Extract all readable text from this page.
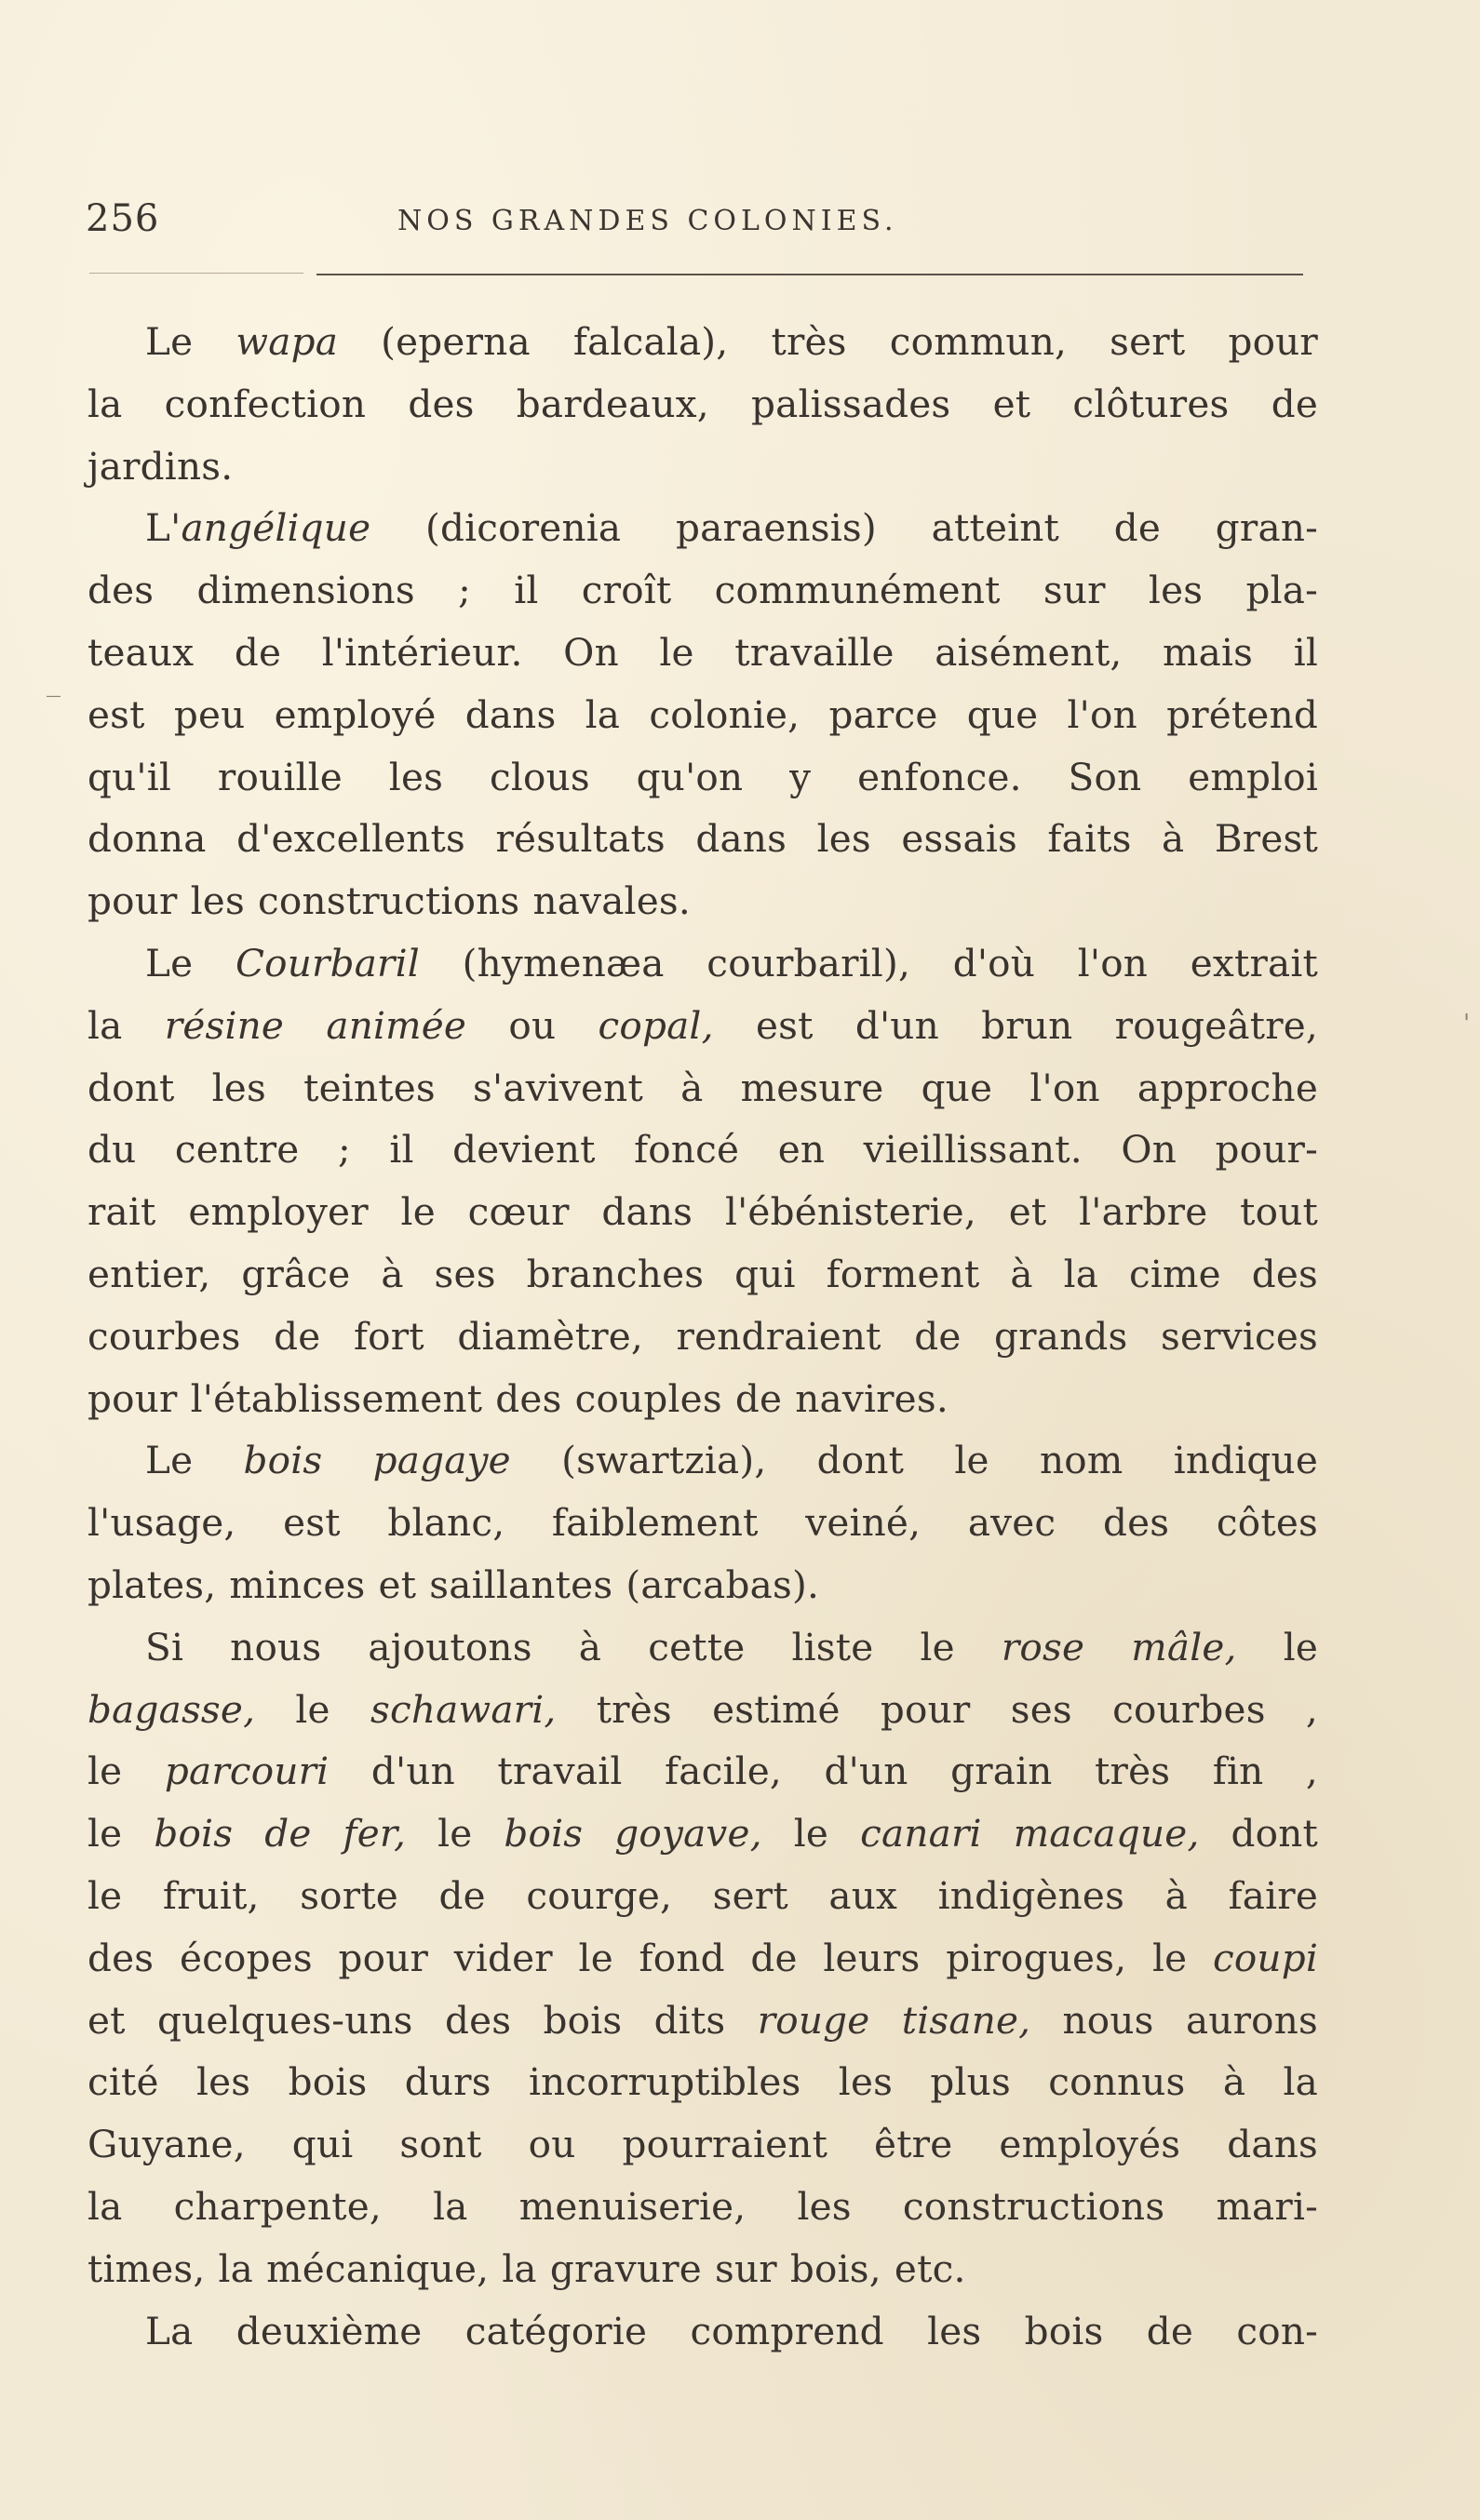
256	NOS GRANDES COLONIES.
Le wapa (eperna falcala), très commun, sert pour
la confection des bardeaux, palissades et clôtures de
jardins.
L'angélique (dicorenia paraensis) atteint de gran-
des dimensions ; il croît communément sur les pla-
teaux de l'intérieur. On le travaille aisément, mais il
est peu employé dans la colonie, parce que l'on prétend
qu'il rouille les clous qu'on y enfonce. Son emploi
donna d'excellents résultats dans les essais faits à Brest
pour les constructions navales.
Le Courbaril (hymenæa courbaril), d'où l'on extrait
la résine animée ou copal, est d'un brun rougeâtre,
dont les teintes s'avivent à mesure que l'on approche
du centre ; il devient foncé en vieillissant. On pour-
rait employer le cœur dans l'ébénisterie, et l'arbre tout
entier, grâce à ses branches qui forment à la cime des
courbes de fort diamètre, rendraient de grands services
pour l'établissement des couples de navires.
Le bois pagaye (swartzia), dont le nom indique
l'usage, est blanc, faiblement veiné, avec des côtes
plates, minces et saillantes (arcabas).
Si nous ajoutons à cette liste le rose mâle, le
bagasse, le schawari, très estimé pour ses courbes ,
le parcouri d'un travail facile, d'un grain très fin ,
le bois de fer, le bois goyave, le canari macaque, dont
le fruit, sorte de courge, sert aux indigènes à faire
des écopes pour vider le fond de leurs pirogues, le coupi
et quelques-uns des bois dits rouge tisane, nous aurons
cité les bois durs incorruptibles les plus connus à la
Guyane, qui sont ou pourraient être employés dans
la charpente, la menuiserie, les constructions mari-
times, la mécanique, la gravure sur bois, etc.
La deuxième catégorie comprend les bois de con-
_
'
